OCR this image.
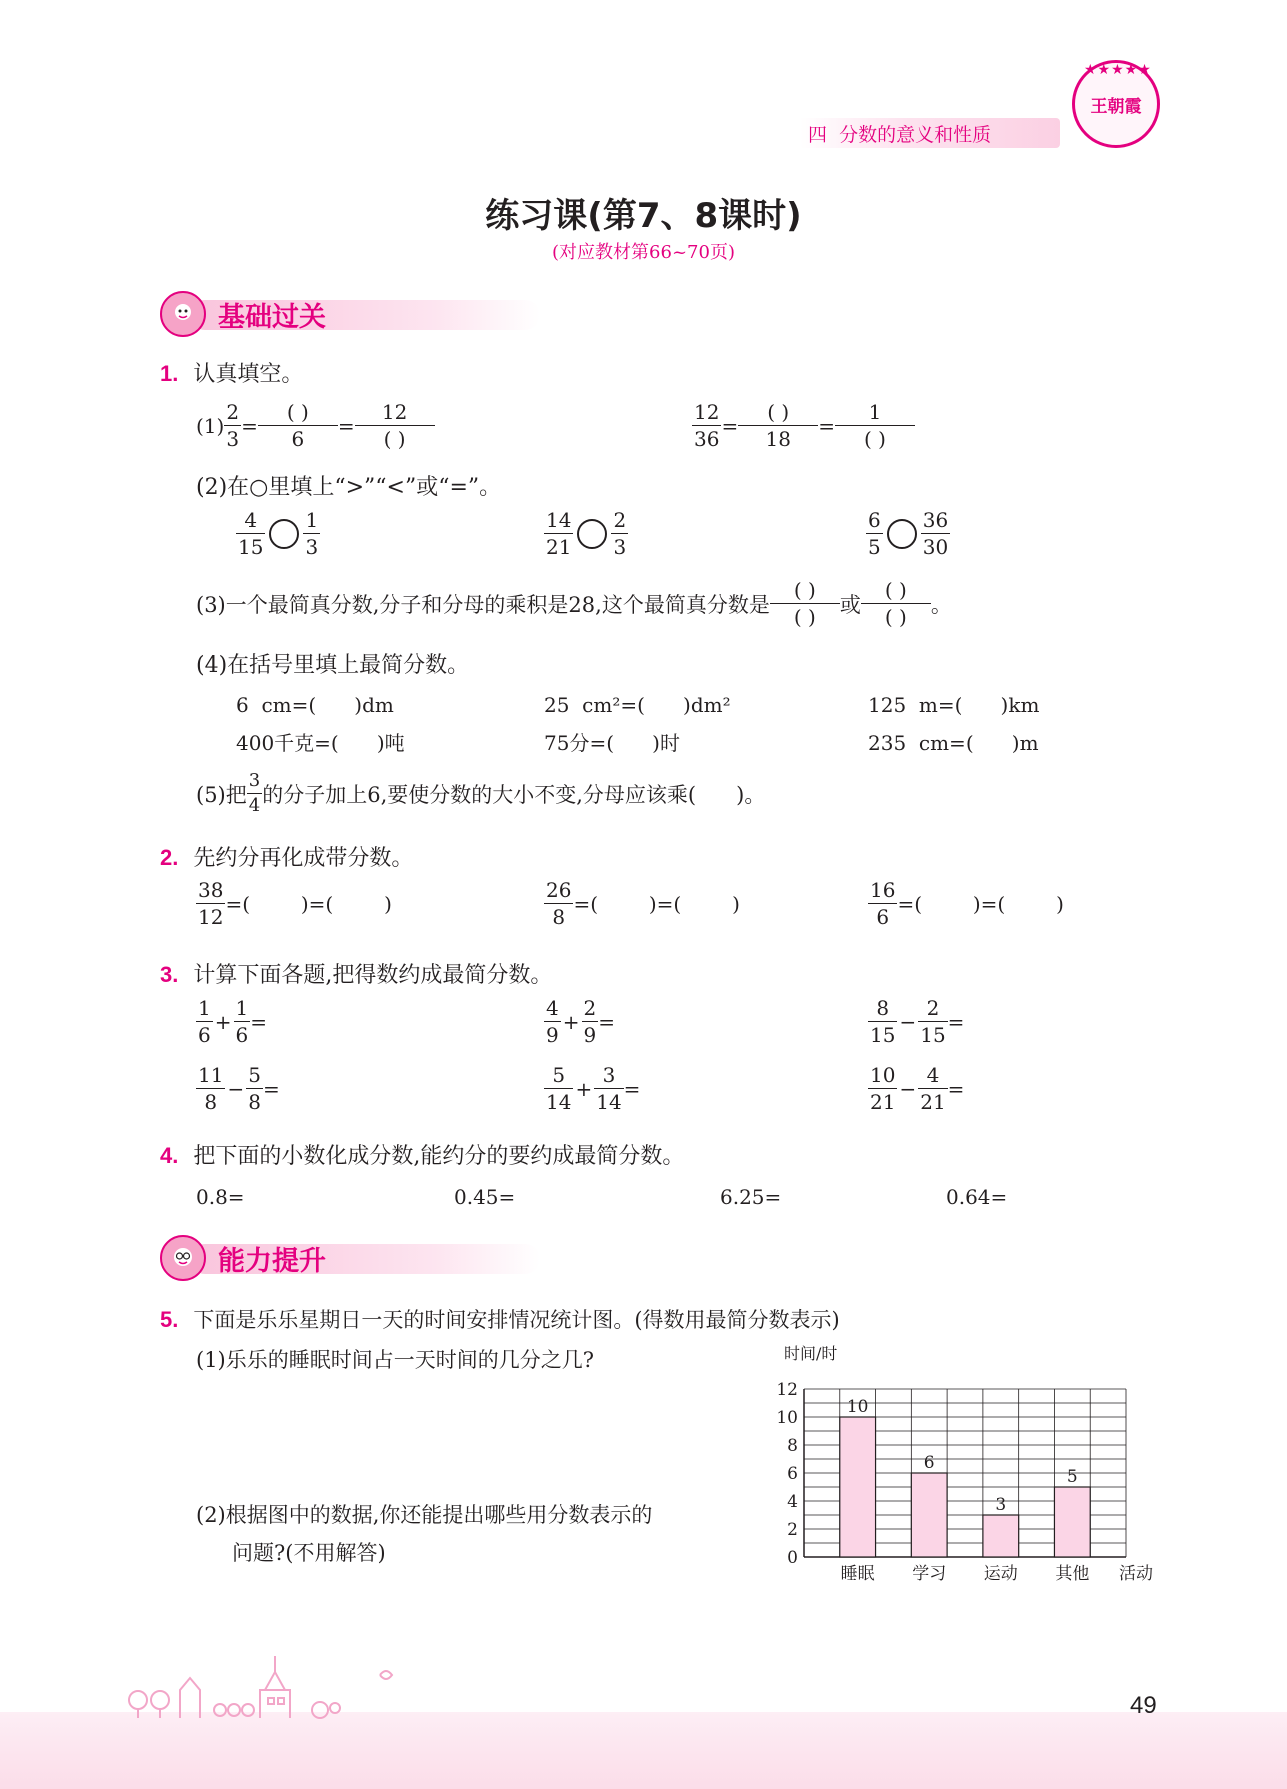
四  分数的意义和性质
王朝霞
★★★★★
练习课(第7、8课时)
(对应教材第66~70页)
基础过关
1. 认真填空。
$(1) \frac{2}{3} = \frac{( )}{6} = \frac{12}{( )}$	$\frac{12}{36} = \frac{( )}{18} = \frac{1}{( )}$
(2)在○里填上“>”“<”或“=”。
$\frac{4}{15} \frac{1}{3}$	$\frac{14}{21} \frac{2}{3}$	$\frac{6}{5} \frac{36}{30}$
(3)一个最简真分数,分子和分母的乘积是28,这个最简真分数是 $\frac{( )}{( )}$ 或 $\frac{( )}{( )}$ 。
(4)在括号里填上最简分数。
6  cm=(      )dm	25  cm²=(      )dm²	125  m=(      )km
400千克=(      )吨	75分=(      )时	235  cm=(      )m
(5)把 $\frac{3}{4}$ 的分子加上6,要使分数的大小不变,分母应该乘(      )。
2. 先约分再化成带分数。
$\frac{38}{12}$ =(        )=(        )	$\frac{26}{8}$ =(        )=(        )	$\frac{16}{6}$ =(        )=(        )
3. 计算下面各题,把得数约成最简分数。
$\frac{1}{6} + \frac{1}{6}$ =	$\frac{4}{9} + \frac{2}{9}$ =	$\frac{8}{15} - \frac{2}{15}$ =
$\frac{11}{8} - \frac{5}{8}$ =	$\frac{5}{14} + \frac{3}{14}$ =	$\frac{10}{21} - \frac{4}{21}$ =
4. 把下面的小数化成分数,能约分的要约成最简分数。
0.8=	0.45=	6.25=	0.64=
能力提升
5. 下面是乐乐星期日一天的时间安排情况统计图。(得数用最简分数表示)
(1)乐乐的睡眠时间占一天时间的几分之几?
(2)根据图中的数据,你还能提出哪些用分数表示的
问题?(不用解答)	0
2
4
6
8
10
12
时间/时
10
睡眠
6
学习
3
运动
5
其他 活动
49
